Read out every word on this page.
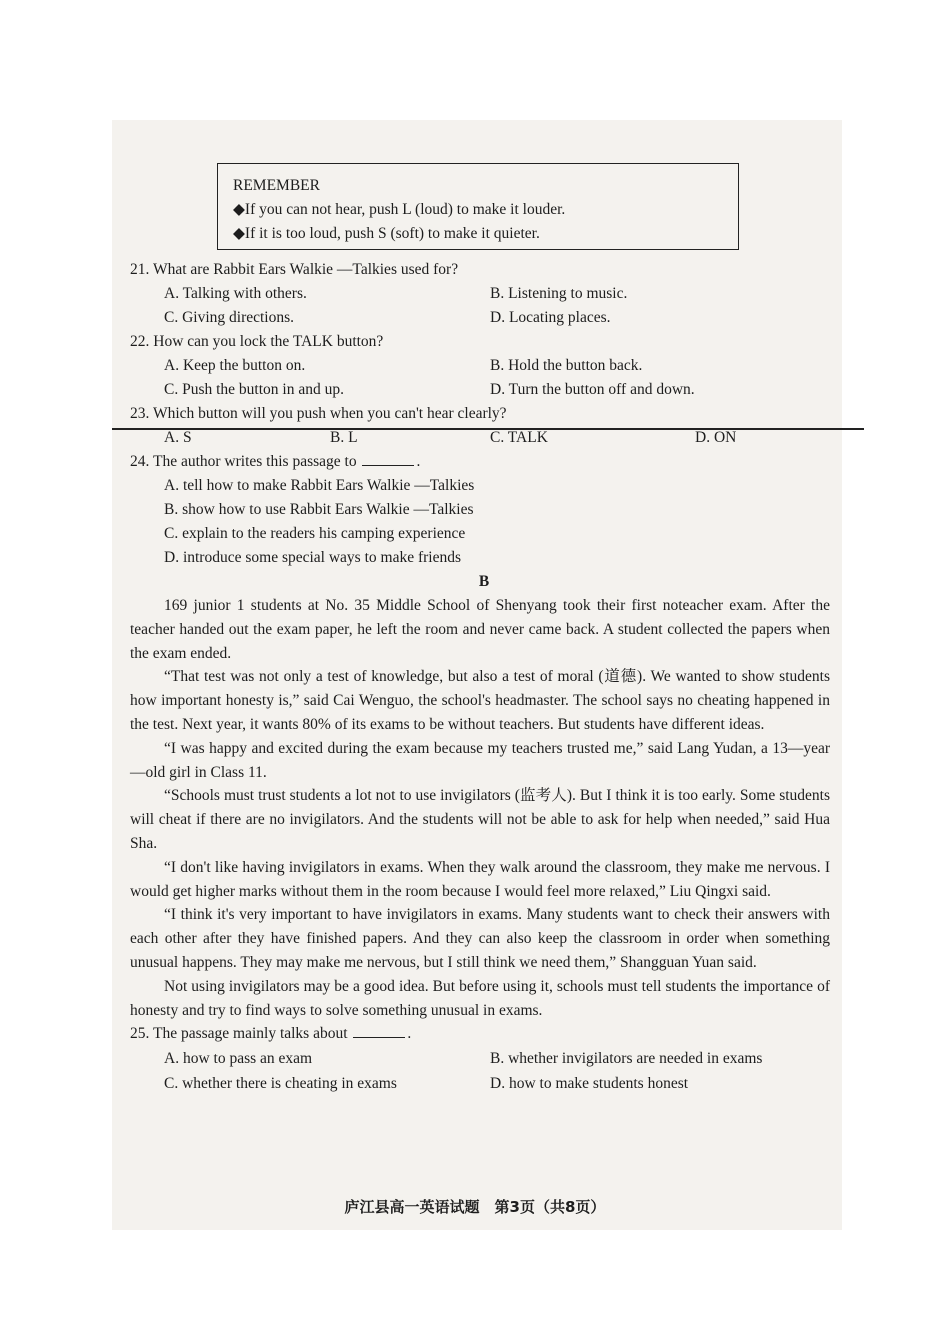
REMEMBER
◆If you can not hear, push L (loud) to make it louder.
◆If it is too loud, push S (soft) to make it quieter.
21. What are Rabbit Ears Walkie —Talkies used for?
A. Talking with others.	B. Listening to music.
C. Giving directions.	D. Locating places.
22. How can you lock the TALK button?
A. Keep the button on.	B. Hold the button back.
C. Push the button in and up.	D. Turn the button off and down.
23. Which button will you push when you can't hear clearly?
A. S	B. L	C. TALK	D. ON
24. The author writes this passage to	.
A. tell how to make Rabbit Ears Walkie —Talkies
B. show how to use Rabbit Ears Walkie —Talkies
C. explain to the readers his camping experience
D. introduce some special ways to make friends
B

169 junior 1 students at No. 35 Middle School of Shenyang took their first noteacher exam. After the teacher handed out the exam paper, he left the room and never came back. A student collected the papers when the exam ended.

“That test was not only a test of knowledge, but also a test of moral (道德). We wanted to show students how important honesty is,” said Cai Wenguo, the school's headmaster. The school says no cheating happened in the test. Next year, it wants 80% of its exams to be without teachers. But students have different ideas.

“I was happy and excited during the exam because my teachers trusted me,” said Lang Yudan, a 13—year—old girl in Class 11.

“Schools must trust students a lot not to use invigilators (监考人). But I think it is too early. Some students will cheat if there are no invigilators. And the students will not be able to ask for help when needed,” said Hua Sha.

“I don't like having invigilators in exams. When they walk around the classroom, they make me nervous. I would get higher marks without them in the room because I would feel more relaxed,” Liu Qingxi said.

“I think it's very important to have invigilators in exams. Many students want to check their answers with each other after they have finished papers. And they can also keep the classroom in order when something unusual happens. They may make me nervous, but I still think we need them,” Shangguan Yuan said.

Not using invigilators may be a good idea. But before using it, schools must tell students the importance of honesty and try to find ways to solve something unusual in exams.

25. The passage mainly talks about	.
A. how to pass an exam	B. whether invigilators are needed in exams
C. whether there is cheating in exams	D. how to make students honest
庐江县高一英语试题　第3页（共8页）
